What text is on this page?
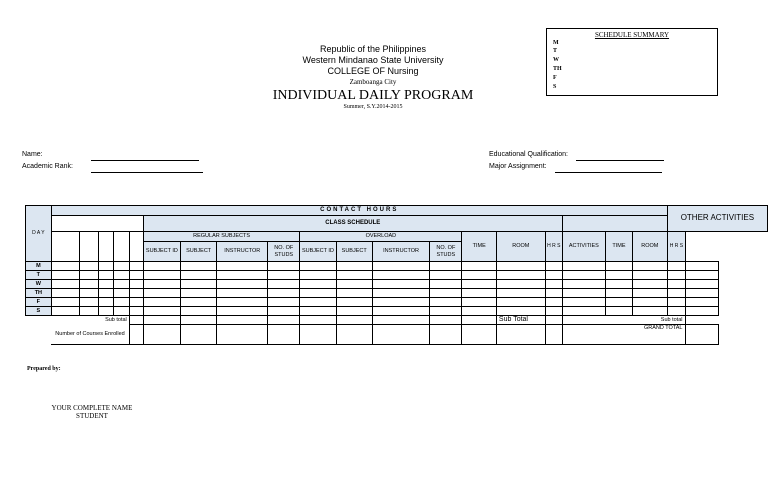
Republic of the Philippines
Western Mindanao State University
COLLEGE OF Nursing
Zamboanga City
INDIVIDUAL DAILY PROGRAM
Summer, S.Y.2014-2015
SCHEDULE SUMMARY
M
T
W
TH
F
S
Name:
Academic Rank:
Educational Qualification:
Major Assignment:
D A Y	CONTACT HOURS																			OTHER ACTIVITIES		
						CLASS SCHEDULE																
						REGULAR SUBJECTS				OVERLOAD				TIME	ROOM	H R S	ACTIVITIES	TIME	ROOM	H R S		
						SUBJECT ID	SUBJECT	INSTRUCTOR	NO. OF STUDS	SUBJECT ID	SUBJECT	INSTRUCTOR	NO. OF STUDS									
M																						
T																						
W																						
TH																						
F																						
S																						
	Sub total														Sub Total		Sub total					
	Number of Courses Enrolled																GRAND TOTAL					
Prepared by:
YOUR COMPLETE NAME
STUDENT
